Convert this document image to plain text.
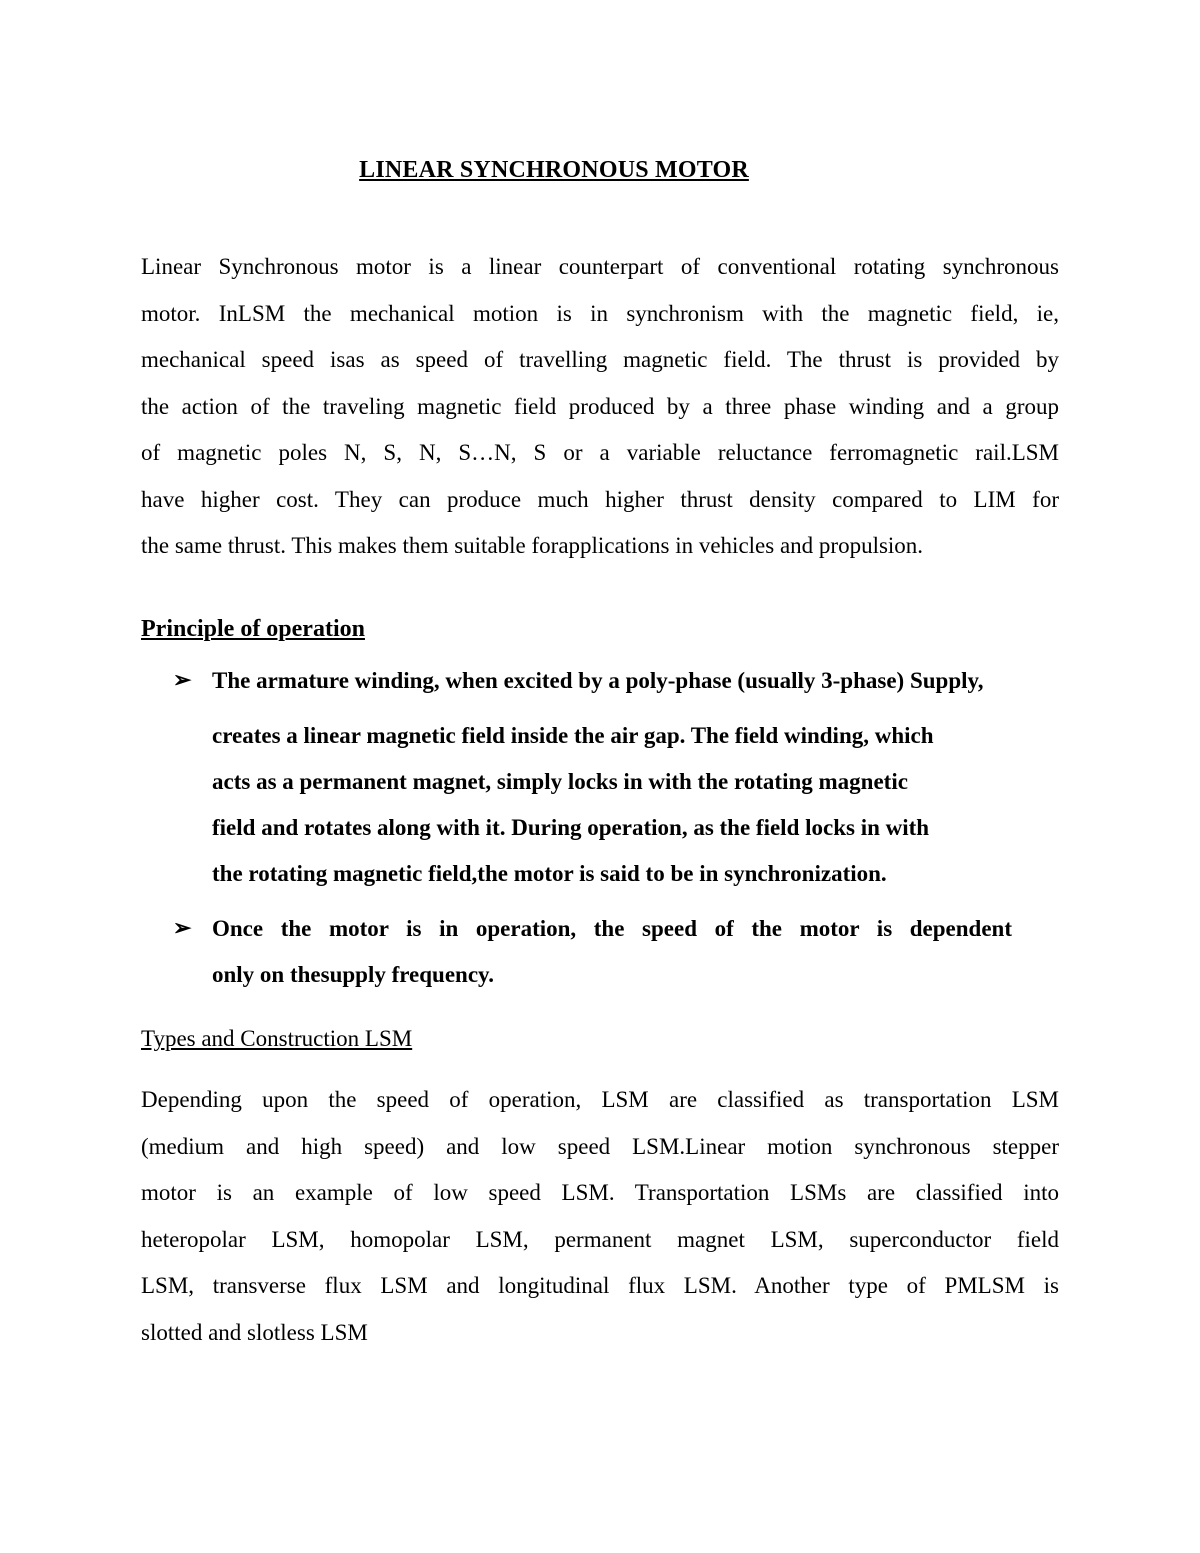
LINEAR SYNCHRONOUS MOTOR

Linear Synchronous motor is a linear counterpart of conventional rotating synchronous
motor. InLSM the mechanical motion is in synchronism with the magnetic field, ie,
mechanical speed isas as speed of travelling magnetic field. The thrust is provided by
the action of the traveling magnetic field produced by a three phase winding and a group
of magnetic poles N, S, N, S…N, S or a variable reluctance ferromagnetic rail.LSM
have higher cost. They can produce much higher thrust density compared to LIM for
the same thrust. This makes them suitable forapplications in vehicles and propulsion.

Principle of operation
➢ The armature winding, when excited by a poly-phase (usually 3-phase) Supply,
creates a linear magnetic field inside the air gap. The field winding, which
acts as a permanent magnet, simply locks in with the rotating magnetic
field and rotates along with it. During operation, as the field locks in with
the rotating magnetic field,the motor is said to be in synchronization.
➢ Once the motor is in operation, the speed of the motor is dependent
only on thesupply frequency.
Types and Construction LSM

Depending upon the speed of operation, LSM are classified as transportation LSM
(medium and high speed) and low speed LSM.Linear motion synchronous stepper
motor is an example of low speed LSM. Transportation LSMs are classified into
heteropolar LSM, homopolar LSM, permanent magnet LSM, superconductor field
LSM, transverse flux LSM and longitudinal flux LSM. Another type of PMLSM is
slotted and slotless LSM
